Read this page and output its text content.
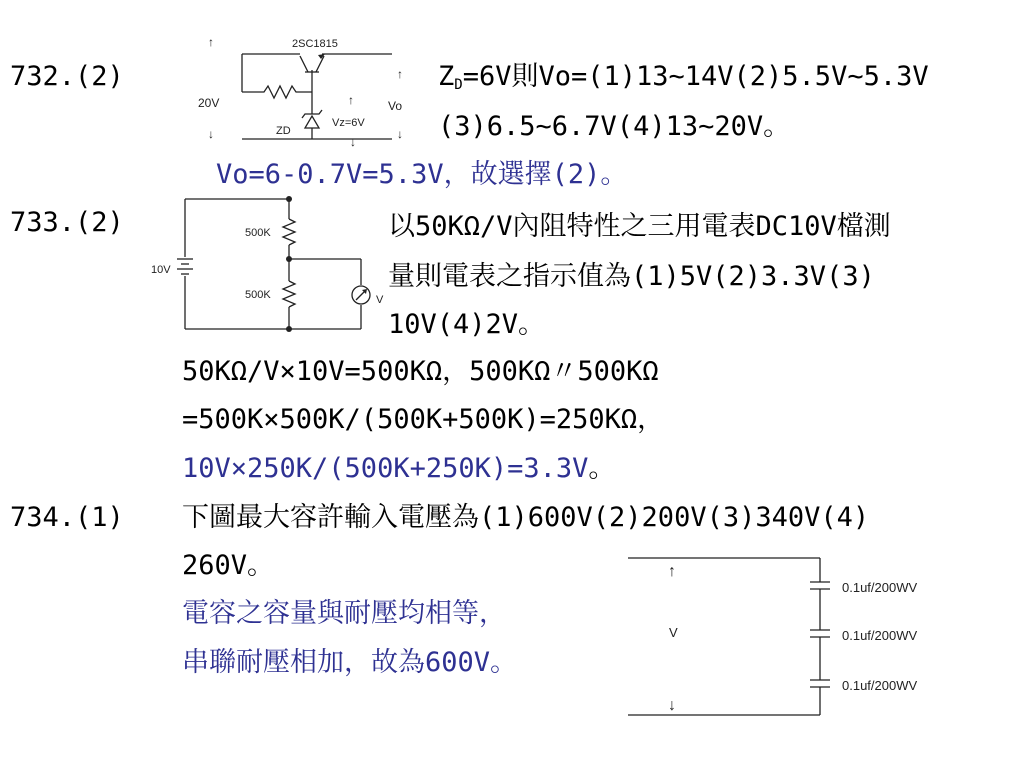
732.(2)
2SC1815
↑
20V
↓	ZD
↑
Vz=6V
↓
↑
Vo
↓
$Z_D=6V$則Vo=(1)13~14V(2)5.5V~5.3V
(3)6.5~6.7V(4)13~20V。
Vo=6-0.7V=5.3V，故選擇(2)。
733.(2)
10V
500K
500K	V
以50KΩ/V內阻特性之三用電表DC10V檔測
量則電表之指示值為(1)5V(2)3.3V(3)
10V(4)2V。
50KΩ/V×10V=500KΩ，500KΩ〃500KΩ
=500K×500K/(500K+500K)=250KΩ，
10V×250K/(500K+250K)=3.3V。
734.(1) 下圖最大容許輸入電壓為(1)600V(2)200V(3)340V(4)
260V。
電容之容量與耐壓均相等，
串聯耐壓相加，故為600V。
↑
V
↓
0.1uf/200WV
0.1uf/200WV
0.1uf/200WV
